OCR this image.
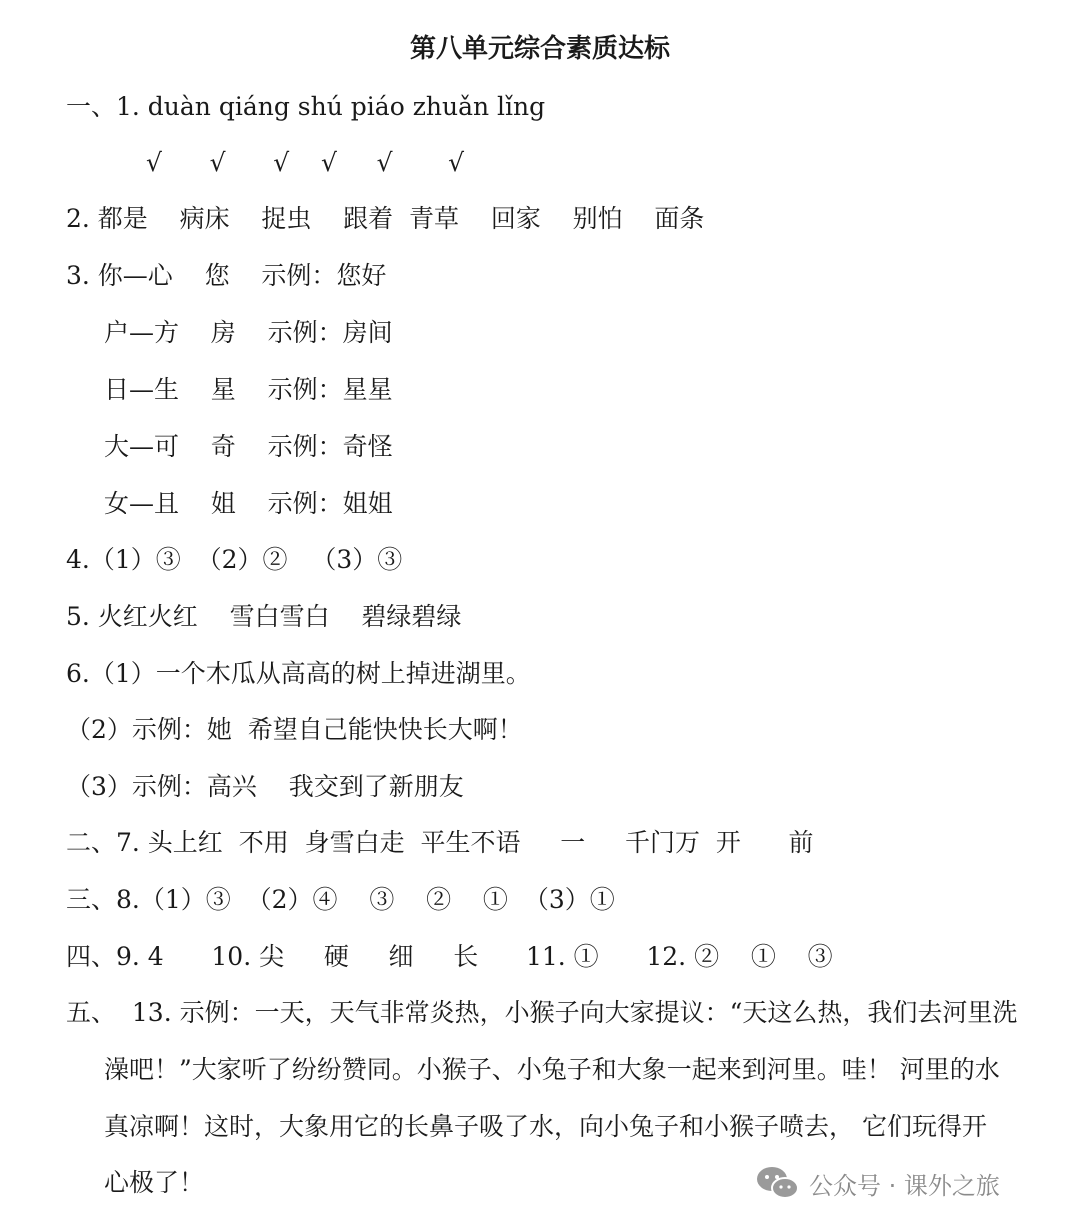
第八单元综合素质达标
一、1. duàn qiáng shú piáo zhuǎn lǐng
√      √      √    √     √       √
2. 都是    病床    捉虫    跟着  青草    回家    别怕    面条
3. 你—心    您    示例：您好
户—方    房    示例：房间
日—生    星    示例：星星
大—可    奇    示例：奇怪
女—且    姐    示例：姐姐
4.（1）③  （2）②   （3）③
5. 火红火红    雪白雪白    碧绿碧绿
6.（1）一个木瓜从高高的树上掉进湖里。
（2）示例：她  希望自己能快快长大啊！
（3）示例：高兴    我交到了新朋友
二、7. 头上红  不用  身雪白走  平生不语     一     千门万  开      前
三、8.（1）③  （2）④    ③    ②    ①  （3）①
四、9. 4      10. 尖     硬     细     长      11. ①      12. ②    ①    ③
五、  13. 示例：一天，天气非常炎热，小猴子向大家提议：“天这么热，我们去河里洗
澡吧！”大家听了纷纷赞同。小猴子、小兔子和大象一起来到河里。哇！ 河里的水
真凉啊！这时，大象用它的长鼻子吸了水，向小兔子和小猴子喷去， 它们玩得开
心极了！	公众号 · 课外之旅
